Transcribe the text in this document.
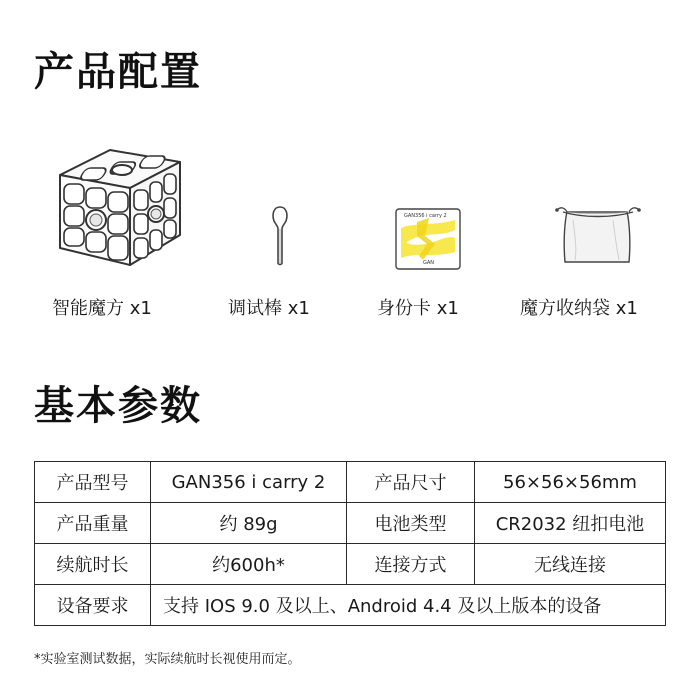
产品配置
智能魔方 x1	调试棒 x1
GAN356 i carry 2
GAN
身份卡 x1	魔方收纳袋 x1
基本参数
产品型号	GAN356 i carry 2	产品尺寸	56×56×56mm
产品重量	约 89g	电池类型	CR2032 纽扣电池
续航时长	约600h*	连接方式	无线连接
设备要求	支持 IOS 9.0 及以上、Android 4.4 及以上版本的设备		
*实验室测试数据，实际续航时长视使用而定。
